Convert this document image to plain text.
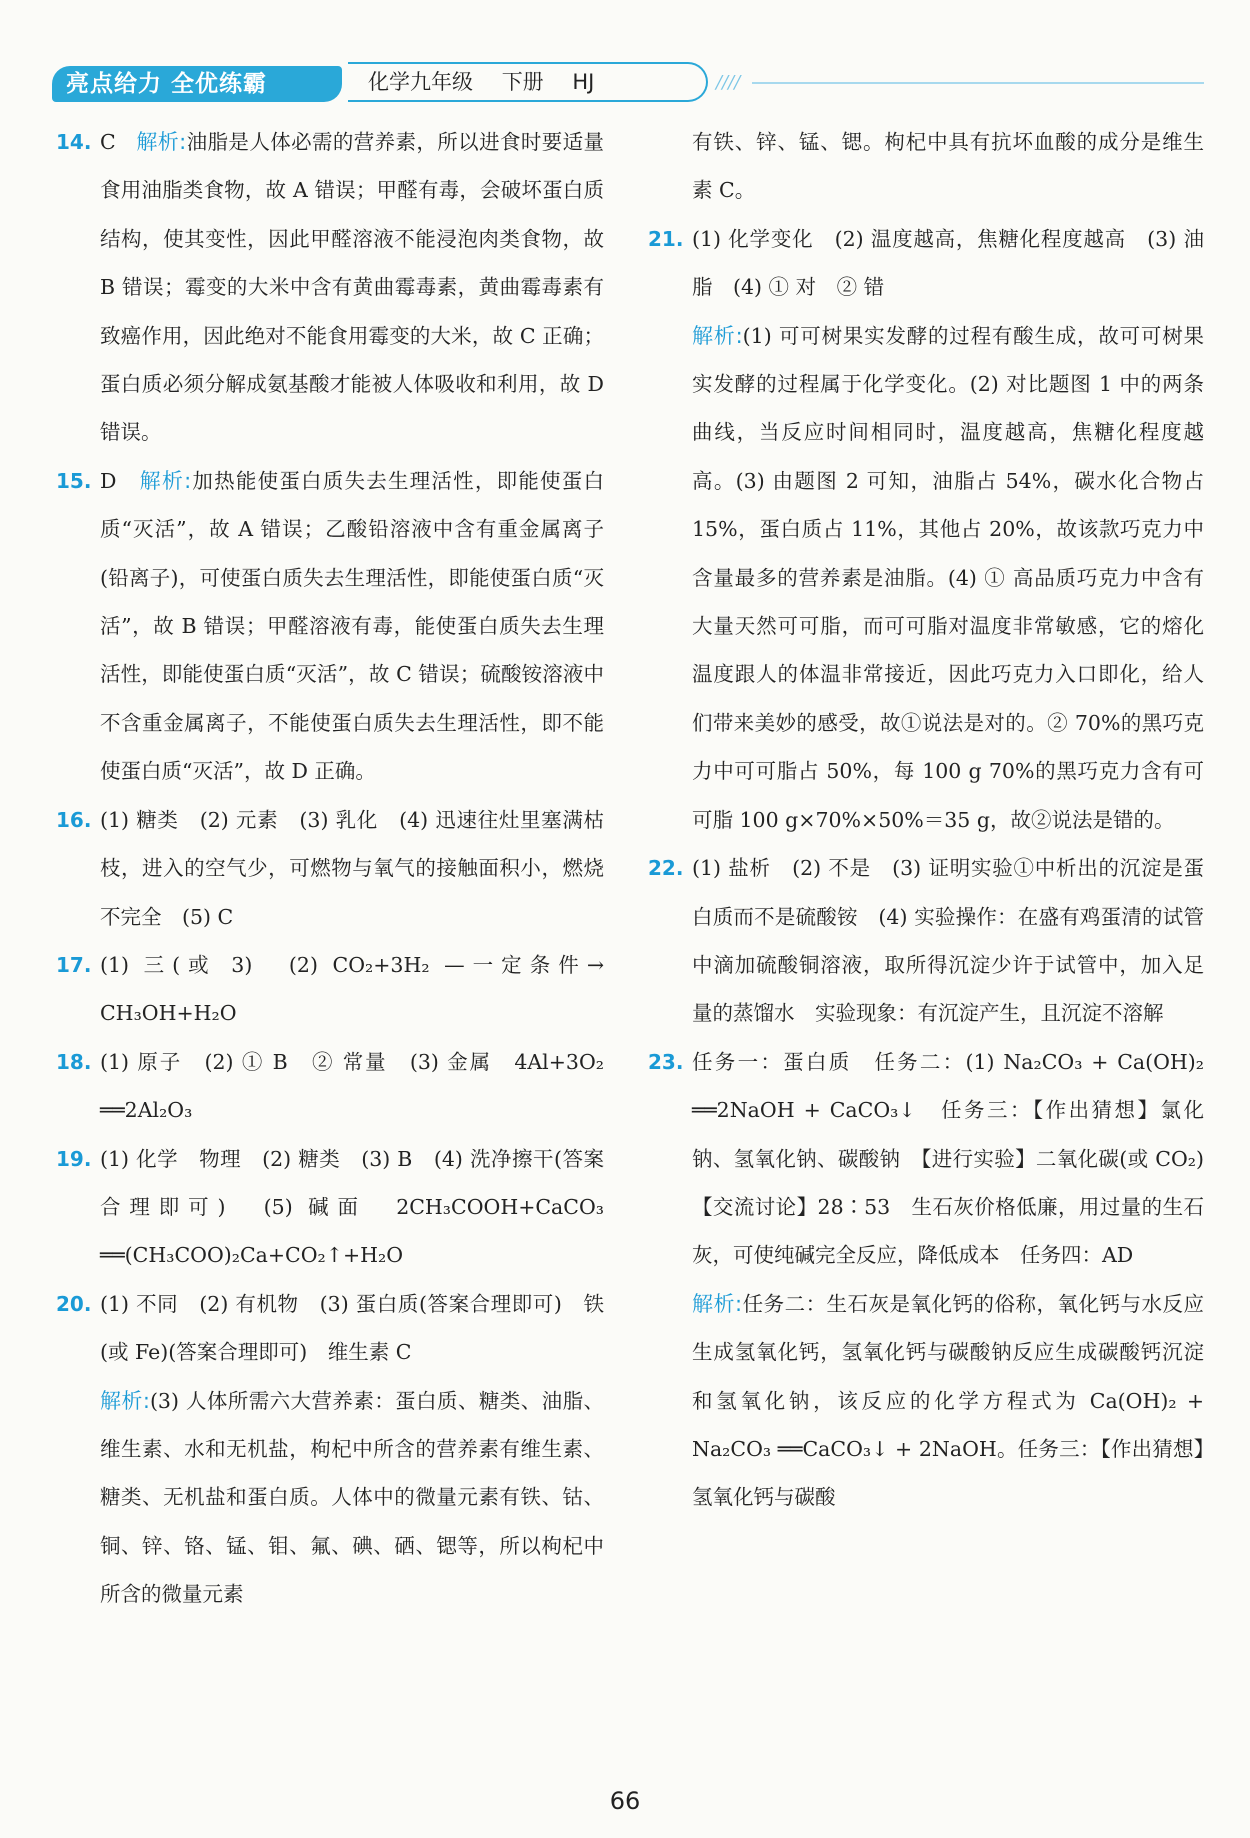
亮点给力 全优练霸	化学九年级 下册 HJ	////
14. C 解析:油脂是人体必需的营养素，所以进食时要适量食用油脂类食物，故 A 错误；甲醛有毒，会破坏蛋白质结构，使其变性，因此甲醛溶液不能浸泡肉类食物，故 B 错误；霉变的大米中含有黄曲霉毒素，黄曲霉毒素有致癌作用，因此绝对不能食用霉变的大米，故 C 正确；蛋白质必须分解成氨基酸才能被人体吸收和利用，故 D 错误。
15. D 解析:加热能使蛋白质失去生理活性，即能使蛋白质“灭活”，故 A 错误；乙酸铅溶液中含有重金属离子(铅离子)，可使蛋白质失去生理活性，即能使蛋白质“灭活”，故 B 错误；甲醛溶液有毒，能使蛋白质失去生理活性，即能使蛋白质“灭活”，故 C 错误；硫酸铵溶液中不含重金属离子，不能使蛋白质失去生理活性，即不能使蛋白质“灭活”，故 D 正确。
16. (1) 糖类　(2) 元素　(3) 乳化　(4) 迅速往灶里塞满枯枝，进入的空气少，可燃物与氧气的接触面积小，燃烧不完全　(5) C
17. (1) 三(或 3)　(2) CO₂+3H₂ —一定条件→ CH₃OH+H₂O
18. (1) 原子　(2) ① B　② 常量　(3) 金属　4Al+3O₂ ══2Al₂O₃
19. (1) 化学　物理　(2) 糖类　(3) B　(4) 洗净擦干(答案合理即可)　(5) 碱面　2CH₃COOH+CaCO₃ ══(CH₃COO)₂Ca+CO₂↑+H₂O
20. (1) 不同　(2) 有机物　(3) 蛋白质(答案合理即可)　铁(或 Fe)(答案合理即可)　维生素 C
解析:(3) 人体所需六大营养素：蛋白质、糖类、油脂、维生素、水和无机盐，枸杞中所含的营养素有维生素、糖类、无机盐和蛋白质。人体中的微量元素有铁、钴、铜、锌、铬、锰、钼、氟、碘、硒、锶等，所以枸杞中所含的微量元素
有铁、锌、锰、锶。枸杞中具有抗坏血酸的成分是维生素 C。
21. (1) 化学变化　(2) 温度越高，焦糖化程度越高　(3) 油脂　(4) ① 对　② 错
解析:(1) 可可树果实发酵的过程有酸生成，故可可树果实发酵的过程属于化学变化。(2) 对比题图 1 中的两条曲线，当反应时间相同时，温度越高，焦糖化程度越高。(3) 由题图 2 可知，油脂占 54%，碳水化合物占 15%，蛋白质占 11%，其他占 20%，故该款巧克力中含量最多的营养素是油脂。(4) ① 高品质巧克力中含有大量天然可可脂，而可可脂对温度非常敏感，它的熔化温度跟人的体温非常接近，因此巧克力入口即化，给人们带来美妙的感受，故①说法是对的。② 70%的黑巧克力中可可脂占 50%，每 100 g 70%的黑巧克力含有可可脂 100 g×70%×50%＝35 g，故②说法是错的。
22. (1) 盐析　(2) 不是　(3) 证明实验①中析出的沉淀是蛋白质而不是硫酸铵　(4) 实验操作：在盛有鸡蛋清的试管中滴加硫酸铜溶液，取所得沉淀少许于试管中，加入足量的蒸馏水　实验现象：有沉淀产生，且沉淀不溶解
23. 任务一：蛋白质　任务二：(1) Na₂CO₃ + Ca(OH)₂ ══2NaOH + CaCO₃↓　任务三：【作出猜想】氯化钠、氢氧化钠、碳酸钠　【进行实验】二氧化碳(或 CO₂)　【交流讨论】28∶53　生石灰价格低廉，用过量的生石灰，可使纯碱完全反应，降低成本　任务四：AD
解析:任务二：生石灰是氧化钙的俗称，氧化钙与水反应生成氢氧化钙，氢氧化钙与碳酸钠反应生成碳酸钙沉淀和氢氧化钠，该反应的化学方程式为 Ca(OH)₂ + Na₂CO₃ ══CaCO₃↓ + 2NaOH。任务三：【作出猜想】氢氧化钙与碳酸
66
